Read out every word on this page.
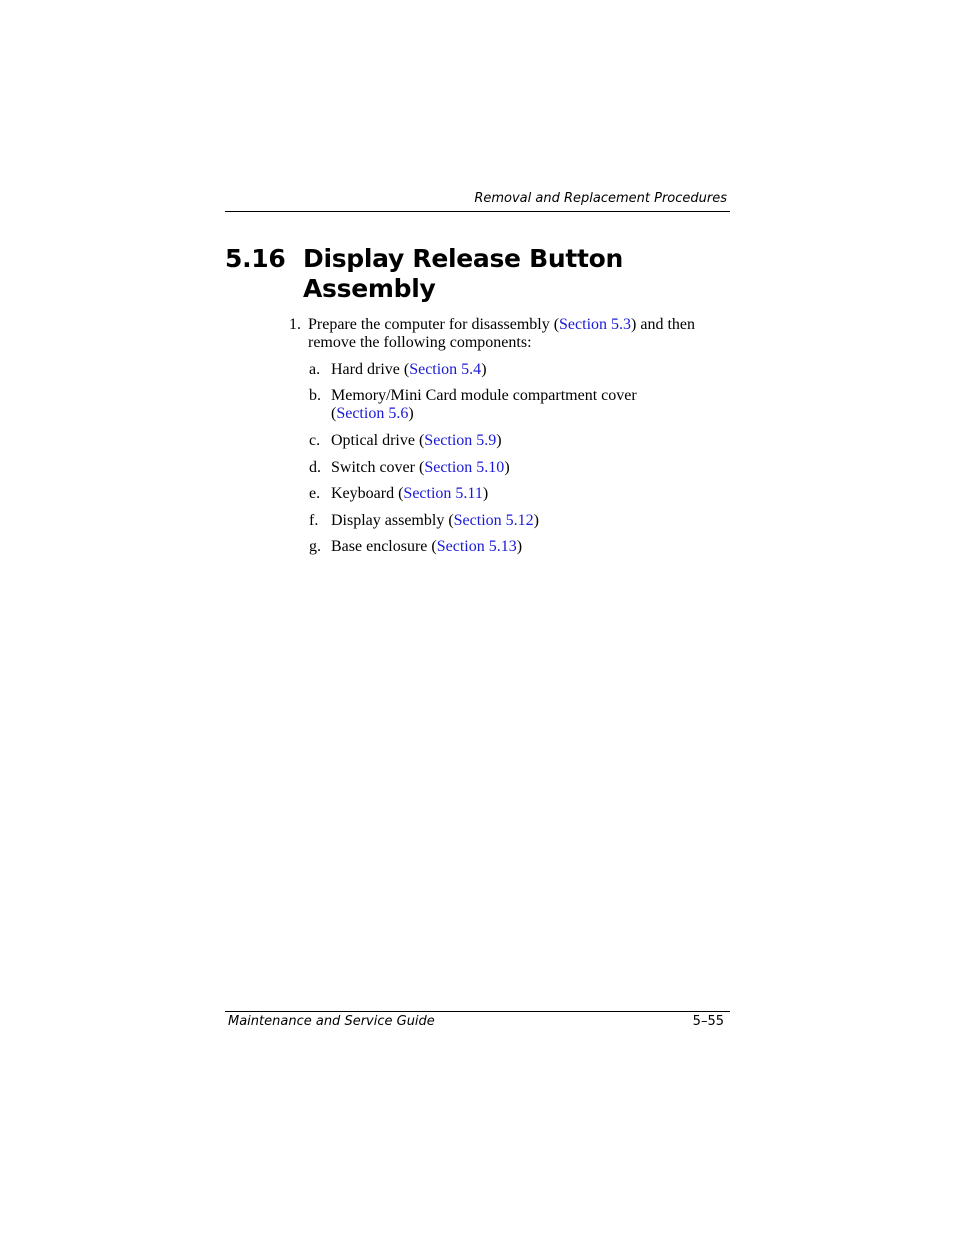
Removal and Replacement Procedures
5.16 Display Release Button
Assembly
1. Prepare the computer for disassembly (Section 5.3) and then remove the following components:
a. Hard drive (Section 5.4)
b. Memory/Mini Card module compartment cover (Section 5.6)
c. Optical drive (Section 5.9)
d. Switch cover (Section 5.10)
e. Keyboard (Section 5.11)
f. Display assembly (Section 5.12)
g. Base enclosure (Section 5.13)
Maintenance and Service Guide	5–55
